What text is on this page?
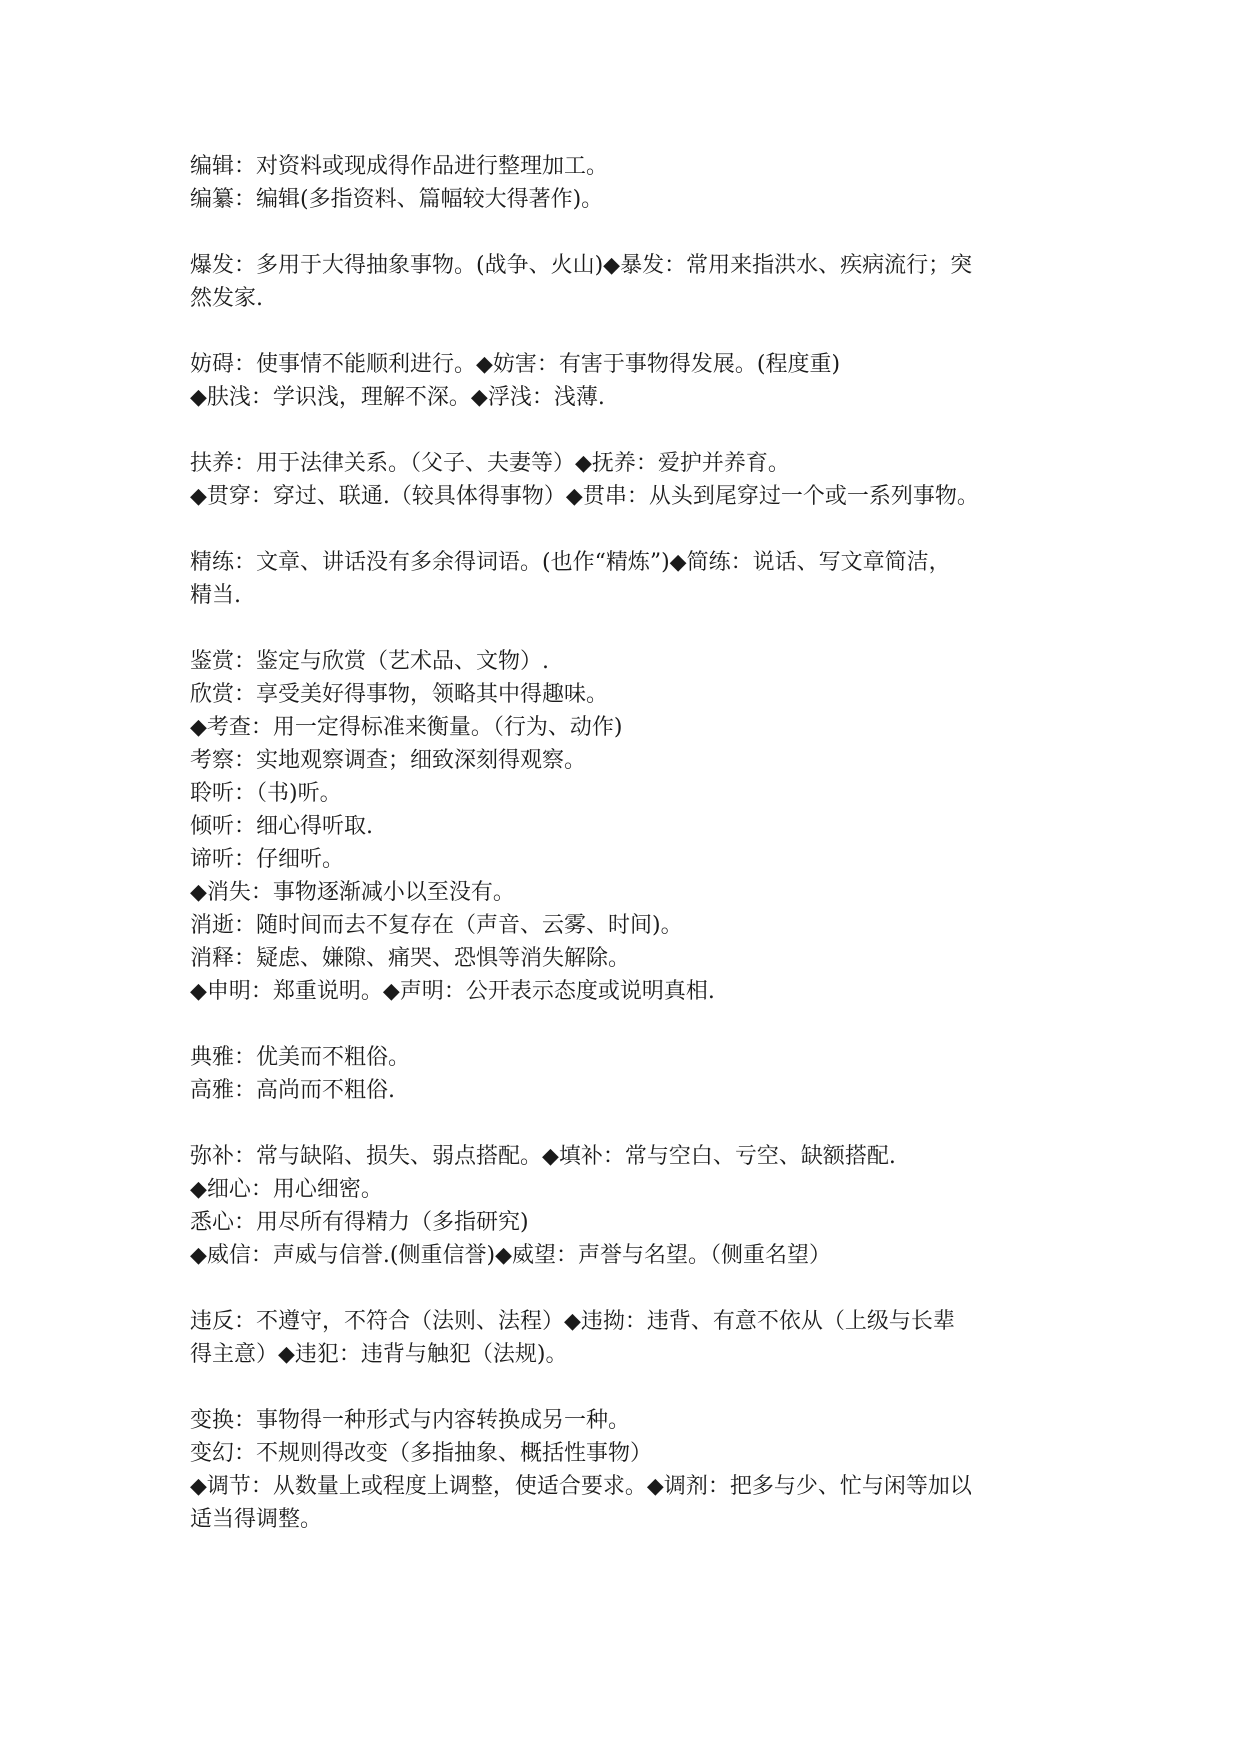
编辑：对资料或现成得作品进行整理加工。
编纂：编辑(多指资料、篇幅较大得著作)。
爆发：多用于大得抽象事物。(战争、火山)◆暴发：常用来指洪水、疾病流行；突
然发家.
妨碍：使事情不能顺利进行。◆妨害：有害于事物得发展。(程度重)
◆肤浅：学识浅，理解不深。◆浮浅：浅薄.
扶养：用于法律关系。（父子、夫妻等）◆抚养：爱护并养育。
◆贯穿：穿过、联通.（较具体得事物）◆贯串：从头到尾穿过一个或一系列事物。
精练：文章、讲话没有多余得词语。(也作“精炼”)◆简练：说话、写文章简洁，
精当.
鉴赏：鉴定与欣赏（艺术品、文物）.
欣赏：享受美好得事物，领略其中得趣味。
◆考查：用一定得标准来衡量。（行为、动作)
考察：实地观察调查；细致深刻得观察。
聆听：（书)听。
倾听：细心得听取.
谛听：仔细听。
◆消失：事物逐渐减小以至没有。
消逝：随时间而去不复存在（声音、云雾、时间)。
消释：疑虑、嫌隙、痛哭、恐惧等消失解除。
◆申明：郑重说明。◆声明：公开表示态度或说明真相.
典雅：优美而不粗俗。
高雅：高尚而不粗俗.
弥补：常与缺陷、损失、弱点搭配。◆填补：常与空白、亏空、缺额搭配.
◆细心：用心细密。
悉心：用尽所有得精力（多指研究)
◆威信：声威与信誉.(侧重信誉)◆威望：声誉与名望。（侧重名望）
违反：不遵守，不符合（法则、法程）◆违拗：违背、有意不依从（上级与长辈
得主意）◆违犯：违背与触犯（法规)。
变换：事物得一种形式与内容转换成另一种。
变幻：不规则得改变（多指抽象、概括性事物）
◆调节：从数量上或程度上调整，使适合要求。◆调剂：把多与少、忙与闲等加以
适当得调整。
